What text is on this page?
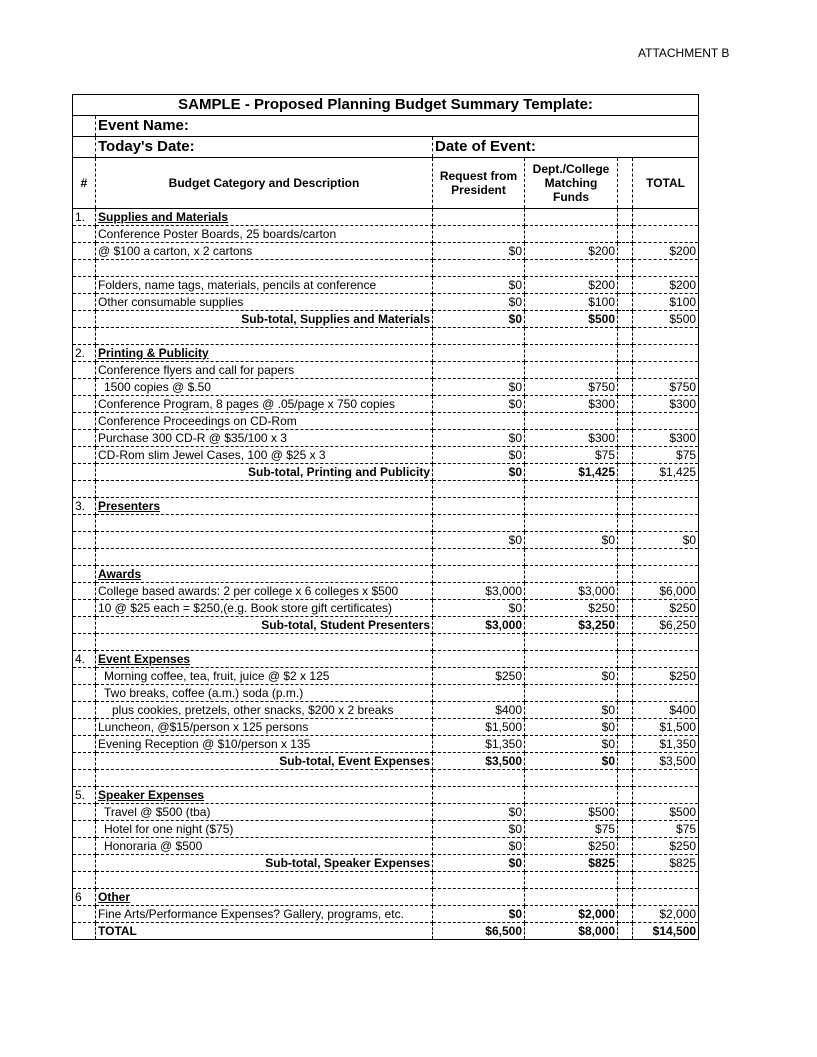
ATTACHMENT B
SAMPLE - Proposed Planning Budget Summary Template:					
	Event Name:				
	Today's Date:	Date of Event:			
#	Budget Category and Description	Request from President	Dept./College Matching Funds		TOTAL
1.	Supplies and Materials				
	Conference Poster Boards, 25 boards/carton				
	@ $100 a carton, x 2 cartons	$0	$200		$200

	Folders, name tags, materials, pencils at conference	$0	$200		$200
	Other consumable supplies	$0	$100		$100
	Sub-total, Supplies and Materials	$0	$500		$500

2.	Printing & Publicity				
	Conference flyers and call for papers				
	1500 copies @ $.50	$0	$750		$750
	Conference Program, 8 pages @ .05/page x 750 copies	$0	$300		$300
	Conference Proceedings on CD-Rom				
	Purchase 300 CD-R @ $35/100 x 3	$0	$300		$300
	CD-Rom slim Jewel Cases, 100 @ $25 x 3	$0	$75		$75
	Sub-total, Printing and Publicity	$0	$1,425		$1,425

3.	Presenters				

		$0	$0		$0

	Awards				
	College based awards: 2 per college x 6 colleges x $500	$3,000	$3,000		$6,000
	10 @ $25 each = $250,(e.g. Book store gift certificates)	$0	$250		$250
	Sub-total, Student Presenters	$3,000	$3,250		$6,250

4.	Event Expenses				
	Morning coffee, tea, fruit, juice @ $2 x 125	$250	$0		$250
	Two breaks, coffee (a.m.) soda (p.m.)				
	plus cookies, pretzels, other snacks, $200 x 2 breaks	$400	$0		$400
	Luncheon, @$15/person x 125 persons	$1,500	$0		$1,500
	Evening Reception @ $10/person x 135	$1,350	$0		$1,350
	Sub-total, Event Expenses	$3,500	$0		$3,500

5.	Speaker Expenses				
	Travel @ $500 (tba)	$0	$500		$500
	Hotel for one night ($75)	$0	$75		$75
	Honoraria @ $500	$0	$250		$250
	Sub-total, Speaker Expenses	$0	$825		$825

6	Other				
	Fine Arts/Performance Expenses? Gallery, programs, etc.	$0	$2,000		$2,000
	TOTAL	$6,500	$8,000		$14,500
